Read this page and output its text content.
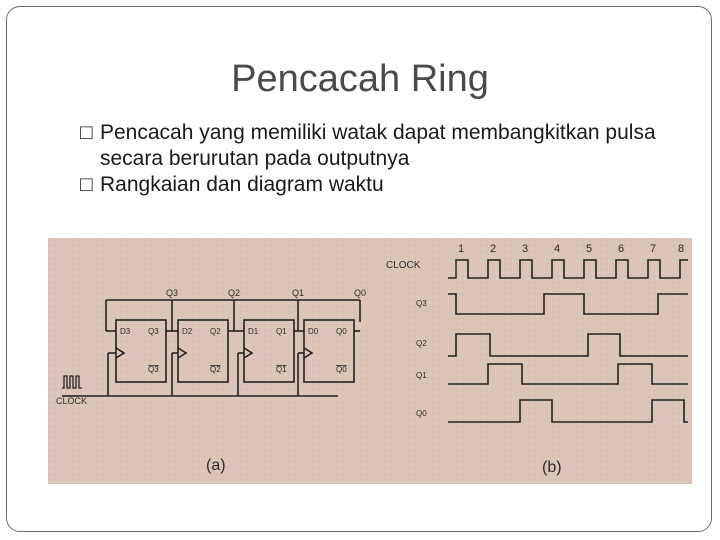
Pencacah Ring
□ Pencacah yang memiliki watak dapat membangkitkan pulsa secara berurutan pada outputnya
□ Rangkaian dan diagram waktu
Q3	Q2	Q1	Q0
D3 Q3
Q3
D2 Q2
Q2
D1 Q1
Q1
D0 Q0
Q0
CLOCK
(a)
CLOCK
1 2 3 4 5 6 7 8
Q3
Q2
Q1
Q0
(b)
